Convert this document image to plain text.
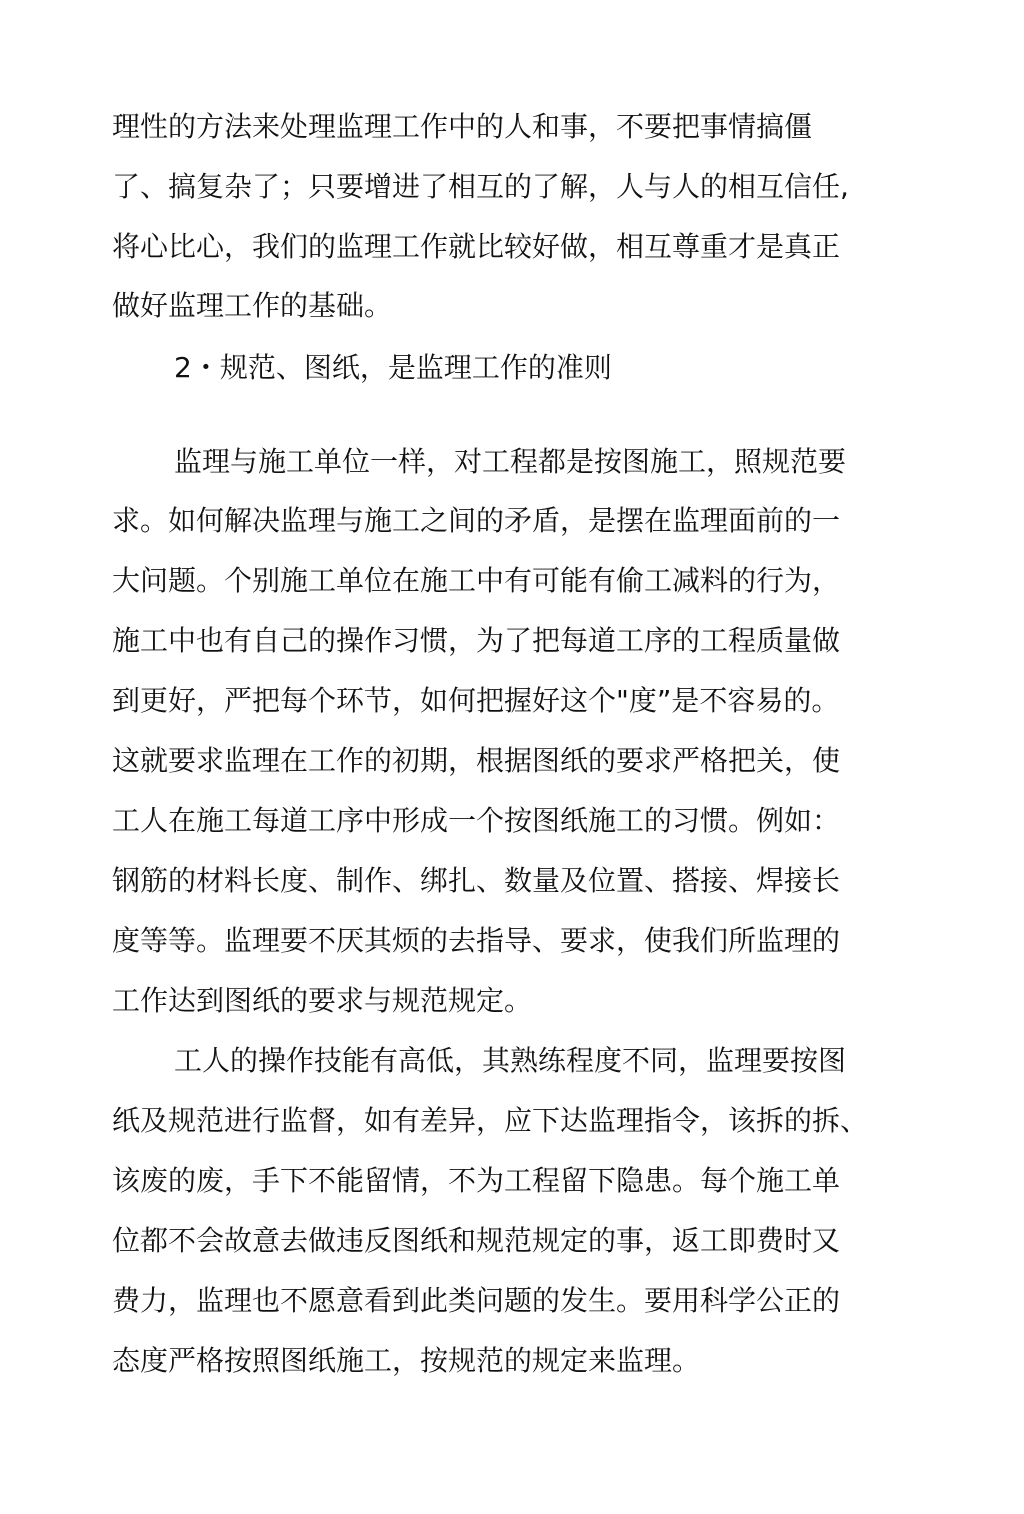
理性的方法来处理监理工作中的人和事，不要把事情搞僵
了、搞复杂了；只要增进了相互的了解，人与人的相互信任,
将心比心，我们的监理工作就比较好做，相互尊重才是真正
做好监理工作的基础。
2・规范、图纸，是监理工作的准则
监理与施工单位一样，对工程都是按图施工，照规范要
求。如何解决监理与施工之间的矛盾，是摆在监理面前的一
大问题。个别施工单位在施工中有可能有偷工减料的行为，
施工中也有自己的操作习惯，为了把每道工序的工程质量做
到更好，严把每个环节，如何把握好这个"度”是不容易的。
这就要求监理在工作的初期，根据图纸的要求严格把关，使
工人在施工每道工序中形成一个按图纸施工的习惯。例如：
钢筋的材料长度、制作、绑扎、数量及位置、搭接、焊接长
度等等。监理要不厌其烦的去指导、要求，使我们所监理的
工作达到图纸的要求与规范规定。
工人的操作技能有高低，其熟练程度不同，监理要按图
纸及规范进行监督，如有差异，应下达监理指令，该拆的拆、
该废的废，手下不能留情，不为工程留下隐患。每个施工单
位都不会故意去做违反图纸和规范规定的事，返工即费时又
费力，监理也不愿意看到此类问题的发生。要用科学公正的
态度严格按照图纸施工，按规范的规定来监理。
